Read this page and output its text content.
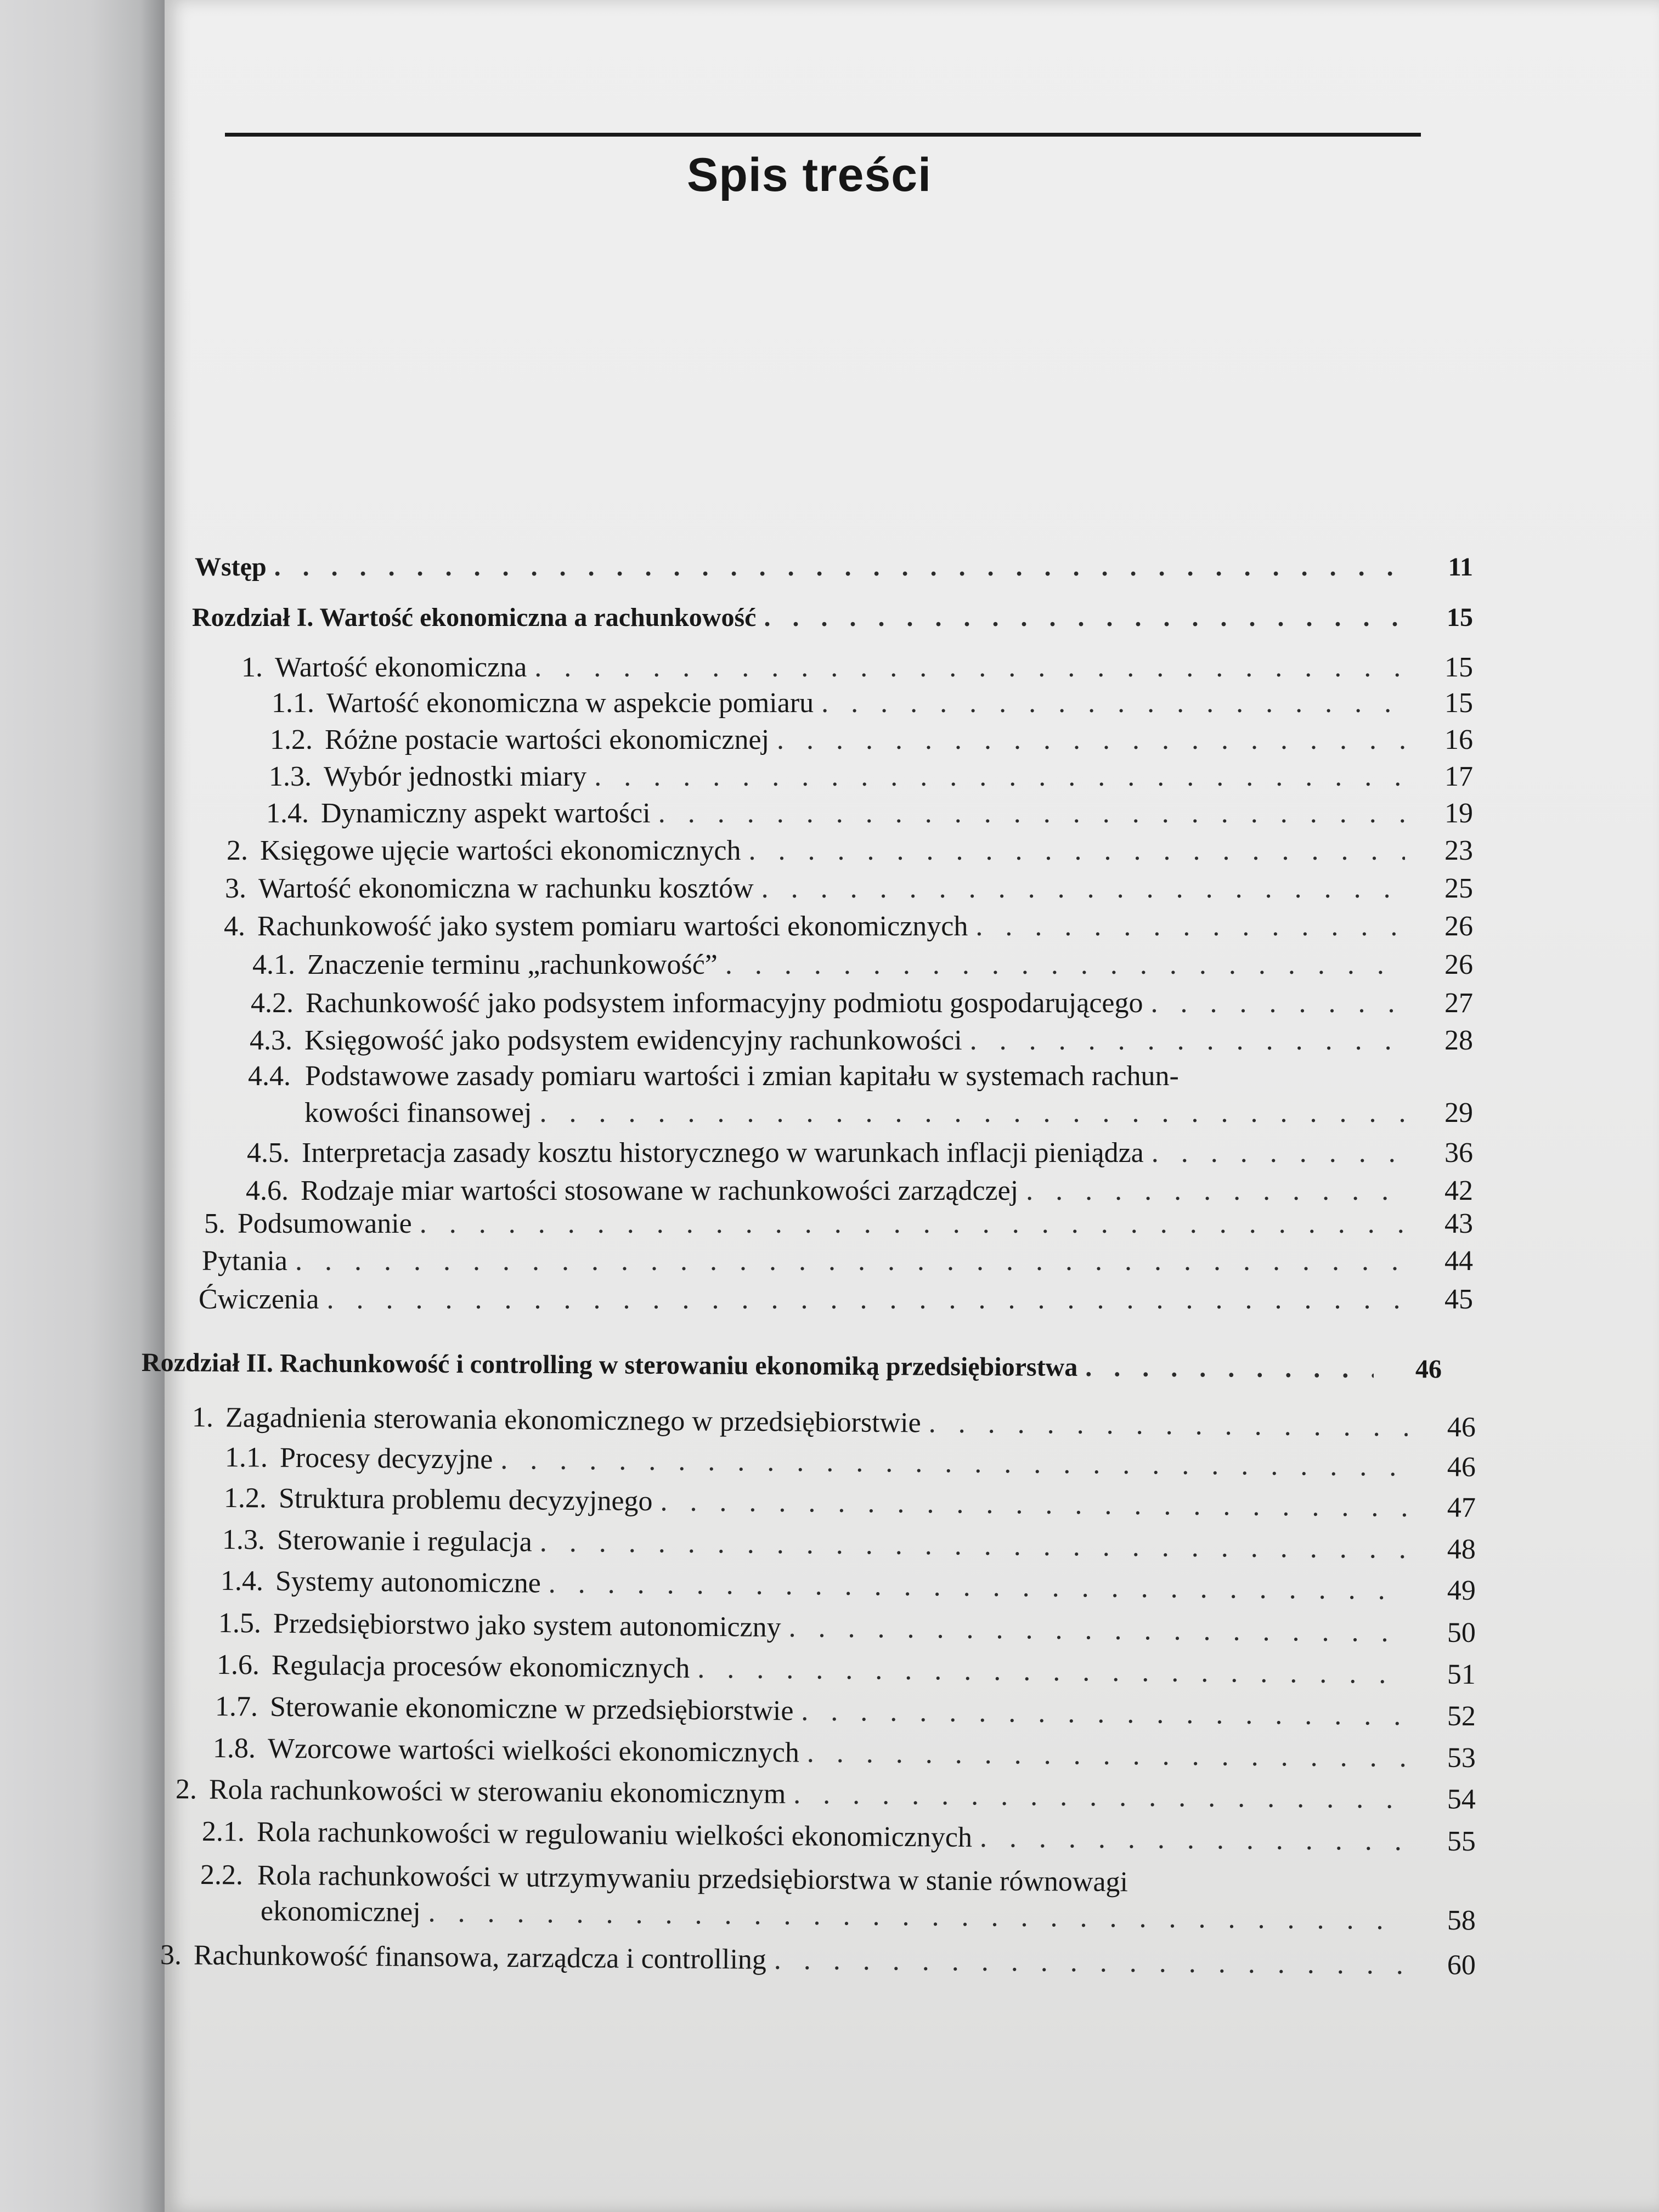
Spis treści
Wstęp . . .	11
Rozdział I. Wartość ekonomiczna a rachunkowość . . .	15
1. Wartość ekonomiczna . . .	15
1.1. Wartość ekonomiczna w aspekcie pomiaru . . .	15
1.2. Różne postacie wartości ekonomicznej . . .	16
1.3. Wybór jednostki miary . . .	17
1.4. Dynamiczny aspekt wartości . . .	19
2. Księgowe ujęcie wartości ekonomicznych . . .	23
3. Wartość ekonomiczna w rachunku kosztów . . .	25
4. Rachunkowość jako system pomiaru wartości ekonomicznych . . .	26
4.1. Znaczenie terminu „rachunkowość” . . .	26
4.2. Rachunkowość jako podsystem informacyjny podmiotu gospodarującego . . .	27
4.3. Księgowość jako podsystem ewidencyjny rachunkowości . . .	28
4.4. Podstawowe zasady pomiaru wartości i zmian kapitału w systemach rachun-
kowości finansowej . . .	29
4.5. Interpretacja zasady kosztu historycznego w warunkach inflacji pieniądza . . .	36
4.6. Rodzaje miar wartości stosowane w rachunkowości zarządczej . . .	42
5. Podsumowanie . . .	43
Pytania . . .	44
Ćwiczenia . . .	45
Rozdział II. Rachunkowość i controlling w sterowaniu ekonomiką przedsiębiorstwa . . .	46
1. Zagadnienia sterowania ekonomicznego w przedsiębiorstwie . . .	46
1.1. Procesy decyzyjne . . .	46
1.2. Struktura problemu decyzyjnego . . .	47
1.3. Sterowanie i regulacja . . .	48
1.4. Systemy autonomiczne . . .	49
1.5. Przedsiębiorstwo jako system autonomiczny . . .	50
1.6. Regulacja procesów ekonomicznych . . .	51
1.7. Sterowanie ekonomiczne w przedsiębiorstwie . . .	52
1.8. Wzorcowe wartości wielkości ekonomicznych . . .	53
2. Rola rachunkowości w sterowaniu ekonomicznym . . .	54
2.1. Rola rachunkowości w regulowaniu wielkości ekonomicznych . . .	55
2.2. Rola rachunkowości w utrzymywaniu przedsiębiorstwa w stanie równowagi
ekonomicznej . . .	58
3. Rachunkowość finansowa, zarządcza i controlling . . .	60
